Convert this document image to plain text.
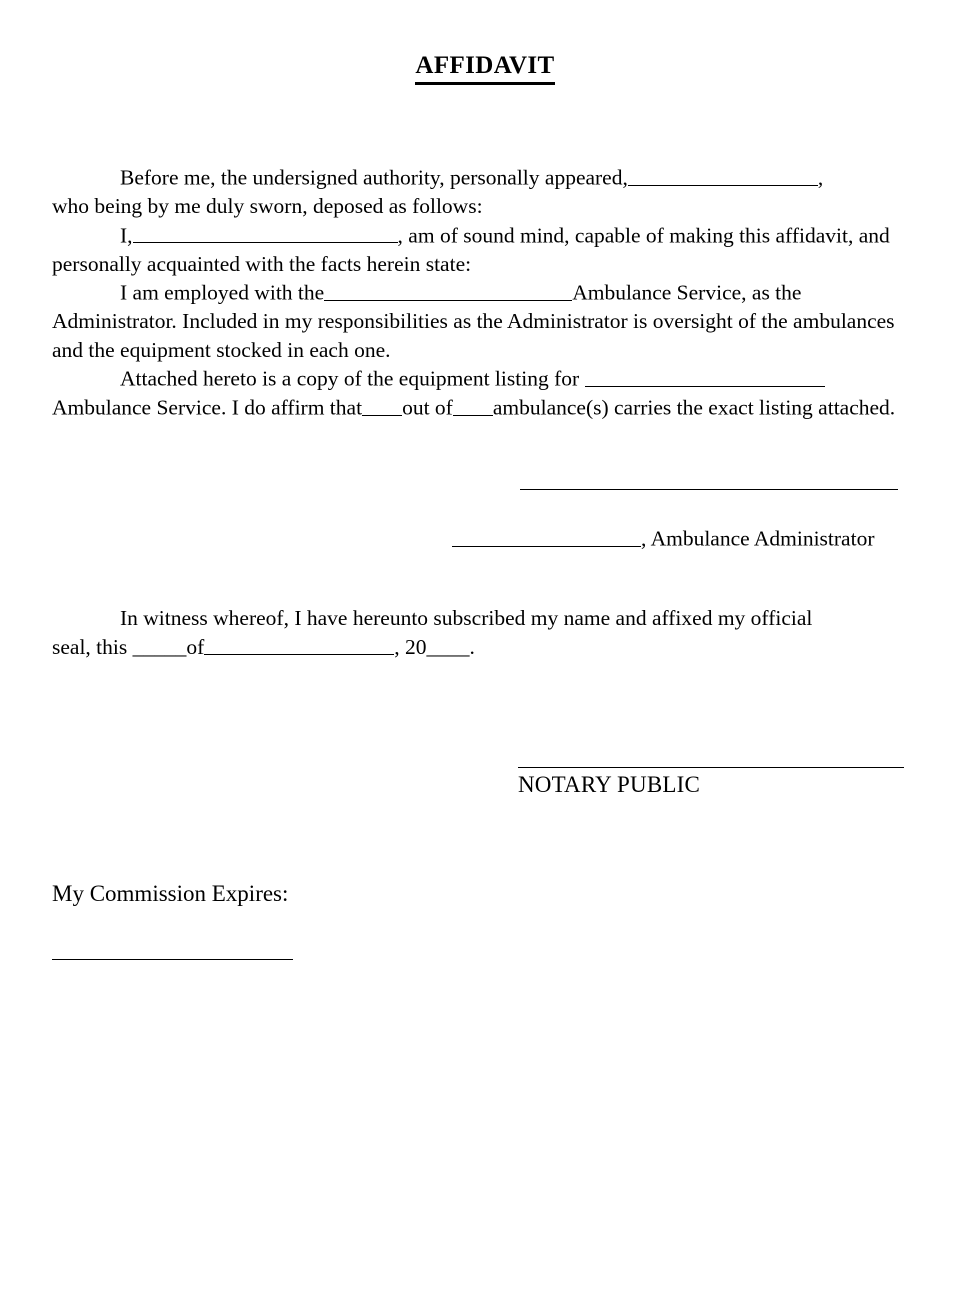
AFFIDAVIT

Before me, the undersigned authority, personally appeared,	,
who being by me duly sworn, deposed as follows:

I,	, am of sound mind, capable of making this affidavit, and personally acquainted with the facts herein state:

I am employed with the	Ambulance Service, as the Administrator. Included in my responsibilities as the Administrator is oversight of the ambulances and the equipment stocked in each one.

Attached hereto is a copy of the equipment listing for
Ambulance Service. I do affirm that out of ambulance(s) carries the exact listing attached.

, Ambulance Administrator

In witness whereof, I have hereunto subscribed my name and affixed my official
seal, this _____of	, 20____.

NOTARY PUBLIC
My Commission Expires:
